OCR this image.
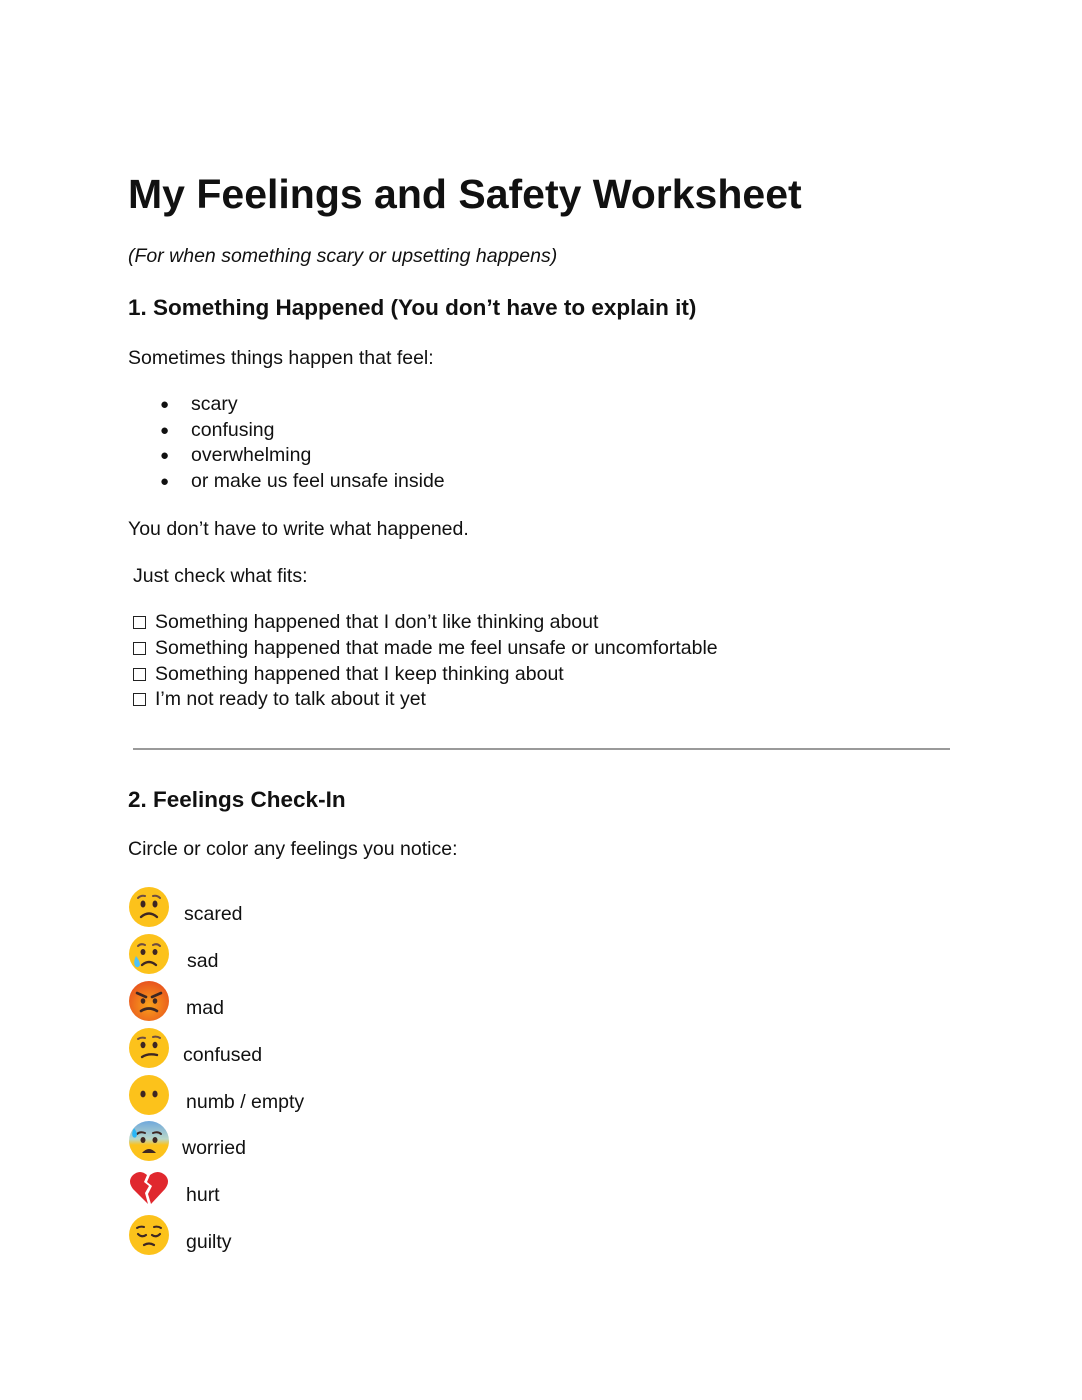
My Feelings and Safety Worksheet
(For when something scary or upsetting happens)
1. Something Happened (You don’t have to explain it)
Sometimes things happen that feel:
●	scary
●	confusing
●	overwhelming
●	or make us feel unsafe inside
You don’t have to write what happened.
Just check what fits:
Something happened that I don’t like thinking about
Something happened that made me feel unsafe or uncomfortable
Something happened that I keep thinking about
I’m not ready to talk about it yet
2. Feelings Check-In
Circle or color any feelings you notice:
scared
sad
mad
confused
numb / empty
worried
hurt
guilty
